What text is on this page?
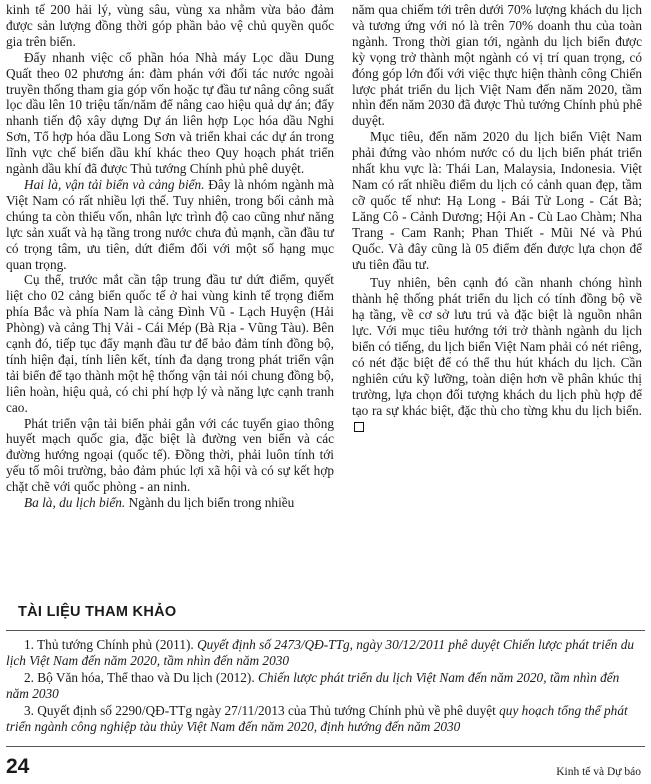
kinh tế 200 hải lý, vùng sâu, vùng xa nhằm vừa bảo đảm được sản lượng đồng thời góp phần bảo vệ chủ quyền quốc gia trên biển.

Đẩy nhanh việc cổ phần hóa Nhà máy Lọc dầu Dung Quất theo 02 phương án: đàm phán với đối tác nước ngoài truyền thống tham gia góp vốn hoặc tự đầu tư nâng công suất lọc dầu lên 10 triệu tấn/năm để nâng cao hiệu quả dự án; đẩy nhanh tiến độ xây dựng Dự án liên hợp Lọc hóa dầu Nghi Sơn, Tổ hợp hóa dầu Long Sơn và triển khai các dự án trong lĩnh vực chế biến dầu khí khác theo Quy hoạch phát triển ngành dầu khí đã được Thủ tướng Chính phủ phê duyệt.

Hai là, vận tải biển và cảng biển. Đây là nhóm ngành mà Việt Nam có rất nhiều lợi thế. Tuy nhiên, trong bối cảnh mà chúng ta còn thiếu vốn, nhân lực trình độ cao cũng như năng lực sản xuất và hạ tầng trong nước chưa đủ mạnh, cần đầu tư có trọng tâm, ưu tiên, dứt điểm đối với một số hạng mục quan trọng.

Cụ thể, trước mắt cần tập trung đầu tư dứt điểm, quyết liệt cho 02 cảng biển quốc tế ở hai vùng kinh tế trọng điểm phía Bắc và phía Nam là cảng Đình Vũ - Lạch Huyện (Hải Phòng) và cảng Thị Vải - Cái Mép (Bà Rịa - Vũng Tàu). Bên cạnh đó, tiếp tục đẩy mạnh đầu tư để bảo đảm tính đồng bộ, tính hiện đại, tính liên kết, tính đa dạng trong phát triển vận tải biển để tạo thành một hệ thống vận tải nói chung đồng bộ, liên hoàn, hiệu quả, có chi phí hợp lý và năng lực cạnh tranh cao.

Phát triển vận tải biển phải gắn với các tuyến giao thông huyết mạch quốc gia, đặc biệt là đường ven biển và các đường hướng ngoại (quốc tế). Đồng thời, phải luôn tính tới yếu tố môi trường, bảo đảm phúc lợi xã hội và có sự kết hợp chặt chẽ với quốc phòng - an ninh.

Ba là, du lịch biển. Ngành du lịch biển trong nhiều

năm qua chiếm tới trên dưới 70% lượng khách du lịch và tương ứng với nó là trên 70% doanh thu của toàn ngành. Trong thời gian tới, ngành du lịch biển được kỳ vọng trở thành một ngành có vị trí quan trọng, có đóng góp lớn đối với việc thực hiện thành công Chiến lược phát triển du lịch Việt Nam đến năm 2020, tầm nhìn đến năm 2030 đã được Thủ tướng Chính phủ phê duyệt.

Mục tiêu, đến năm 2020 du lịch biển Việt Nam phải đứng vào nhóm nước có du lịch biển phát triển nhất khu vực là: Thái Lan, Malaysia, Indonesia. Việt Nam có rất nhiều điểm du lịch có cảnh quan đẹp, tầm cỡ quốc tế như: Hạ Long - Bái Tử Long - Cát Bà; Lăng Cô - Cảnh Dương; Hội An - Cù Lao Chàm; Nha Trang - Cam Ranh; Phan Thiết - Mũi Né và Phú Quốc. Và đây cũng là 05 điểm đến được lựa chọn để ưu tiên đầu tư.

Tuy nhiên, bên cạnh đó cần nhanh chóng hình thành hệ thống phát triển du lịch có tính đồng bộ về hạ tầng, về cơ sở lưu trú và đặc biệt là nguồn nhân lực. Với mục tiêu hướng tới trở thành ngành du lịch biển có tiếng, du lịch biển Việt Nam phải có nét riêng, có nét đặc biệt để có thể thu hút khách du lịch. Cần nghiên cứu kỹ lưỡng, toàn diện hơn về phân khúc thị trường, lựa chọn đối tượng khách du lịch phù hợp để tạo ra sự khác biệt, đặc thù cho từng khu du lịch biển.

TÀI LIỆU THAM KHẢO

1. Thủ tướng Chính phủ (2011). Quyết định số 2473/QĐ-TTg, ngày 30/12/2011 phê duyệt Chiến lược phát triển du lịch Việt Nam đến năm 2020, tầm nhìn đến năm 2030

2. Bộ Văn hóa, Thể thao và Du lịch (2012). Chiến lược phát triển du lịch Việt Nam đến năm 2020, tầm nhìn đến năm 2030

3. Quyết định số 2290/QĐ-TTg ngày 27/11/2013 của Thủ tướng Chính phủ về phê duyệt quy hoạch tổng thể phát triển ngành công nghiệp tàu thủy Việt Nam đến năm 2020, định hướng đến năm 2030

24	Kinh tế và Dự báo
